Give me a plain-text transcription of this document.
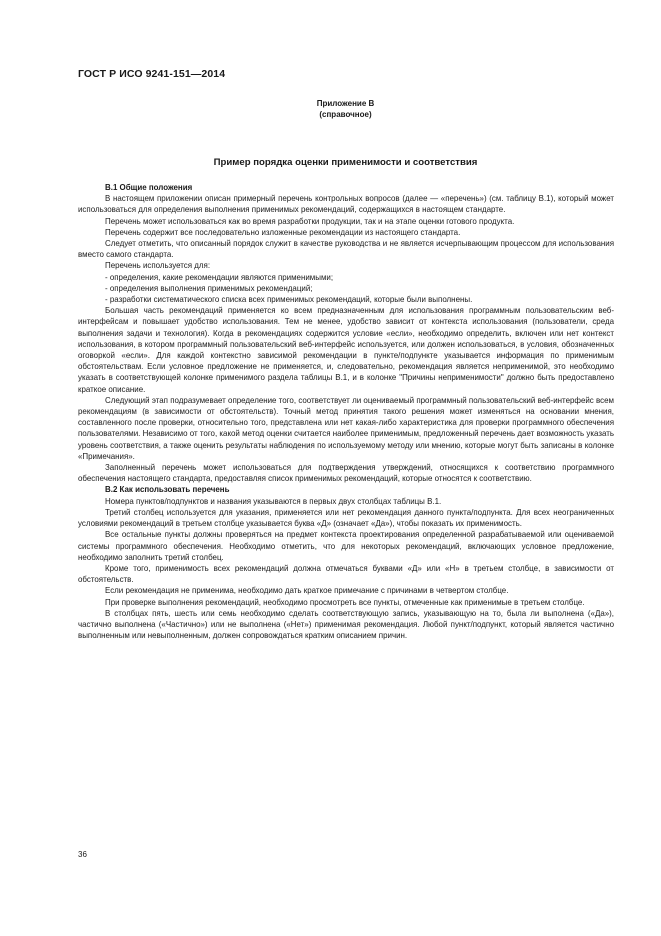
ГОСТ Р ИСО 9241-151—2014
Приложение B
(справочное)
Пример порядка оценки применимости и соответствия

B.1 Общие положения

В настоящем приложении описан примерный перечень контрольных вопросов (далее — «перечень») (см. таблицу B.1), который может использоваться для определения выполнения применимых рекомендаций, содержащихся в настоящем стандарте.

Перечень может использоваться как во время разработки продукции, так и на этапе оценки готового продукта.

Перечень содержит все последовательно изложенные рекомендации из настоящего стандарта.

Следует отметить, что описанный порядок служит в качестве руководства и не является исчерпывающим процессом для использования вместо самого стандарта.

Перечень используется для:

- определения, какие рекомендации являются применимыми;

- определения выполнения применимых рекомендаций;

- разработки систематического списка всех применимых рекомендаций, которые были выполнены.

Большая часть рекомендаций применяется ко всем предназначенным для использования программным пользовательским веб-интерфейсам и повышает удобство использования. Тем не менее, удобство зависит от контекста использования (пользователи, среда выполнения задачи и технология). Когда в рекомендациях содержится условие «если», необходимо определить, включен или нет контекст использования, в котором программный пользовательский веб-интерфейс используется, или должен использоваться, в условия, обозначенных оговоркой «если». Для каждой контекстно зависимой рекомендации в пункте/подпункте указывается информация по применимым обстоятельствам. Если условное предложение не применяется, и, следовательно, рекомендация является неприменимой, это необходимо указать в соответствующей колонке применимого раздела таблицы B.1, и в колонке "Причины неприменимости" должно быть предоставлено краткое описание.

Следующий этап подразумевает определение того, соответствует ли оцениваемый программный пользовательский веб-интерфейс всем рекомендациям (в зависимости от обстоятельств). Точный метод принятия такого решения может изменяться на основании мнения, составленного после проверки, относительно того, представлена или нет какая-либо характеристика для проверки программного обеспечения пользователями. Независимо от того, какой метод оценки считается наиболее применимым, предложенный перечень дает возможность указать уровень соответствия, а также оценить результаты наблюдения по используемому методу или мнению, которые могут быть записаны в колонке «Примечания».

Заполненный перечень может использоваться для подтверждения утверждений, относящихся к соответствию программного обеспечения настоящего стандарта, предоставляя список применимых рекомендаций, которые относятся к соответствию.

B.2 Как использовать перечень

Номера пунктов/подпунктов и названия указываются в первых двух столбцах таблицы B.1.

Третий столбец используется для указания, применяется или нет рекомендация данного пункта/подпункта. Для всех неограниченных условиями рекомендаций в третьем столбце указывается буква «Д» (означает «Да»), чтобы показать их применимость.

Все остальные пункты должны проверяться на предмет контекста проектирования определенной разрабатываемой или оцениваемой системы программного обеспечения. Необходимо отметить, что для некоторых рекомендаций, включающих условное предложение, необходимо заполнить третий столбец.

Кроме того, применимость всех рекомендаций должна отмечаться буквами «Д» или «Н» в третьем столбце, в зависимости от обстоятельств.

Если рекомендация не применима, необходимо дать краткое примечание с причинами в четвертом столбце.

При проверке выполнения рекомендаций, необходимо просмотреть все пункты, отмеченные как применимые в третьем столбце.

В столбцах пять, шесть или семь необходимо сделать соответствующую запись, указывающую на то, была ли выполнена («Да»), частично выполнена («Частично») или не выполнена («Нет») применимая рекомендация. Любой пункт/подпункт, который является частично выполненным или невыполненным, должен сопровождаться кратким описанием причин.

36
